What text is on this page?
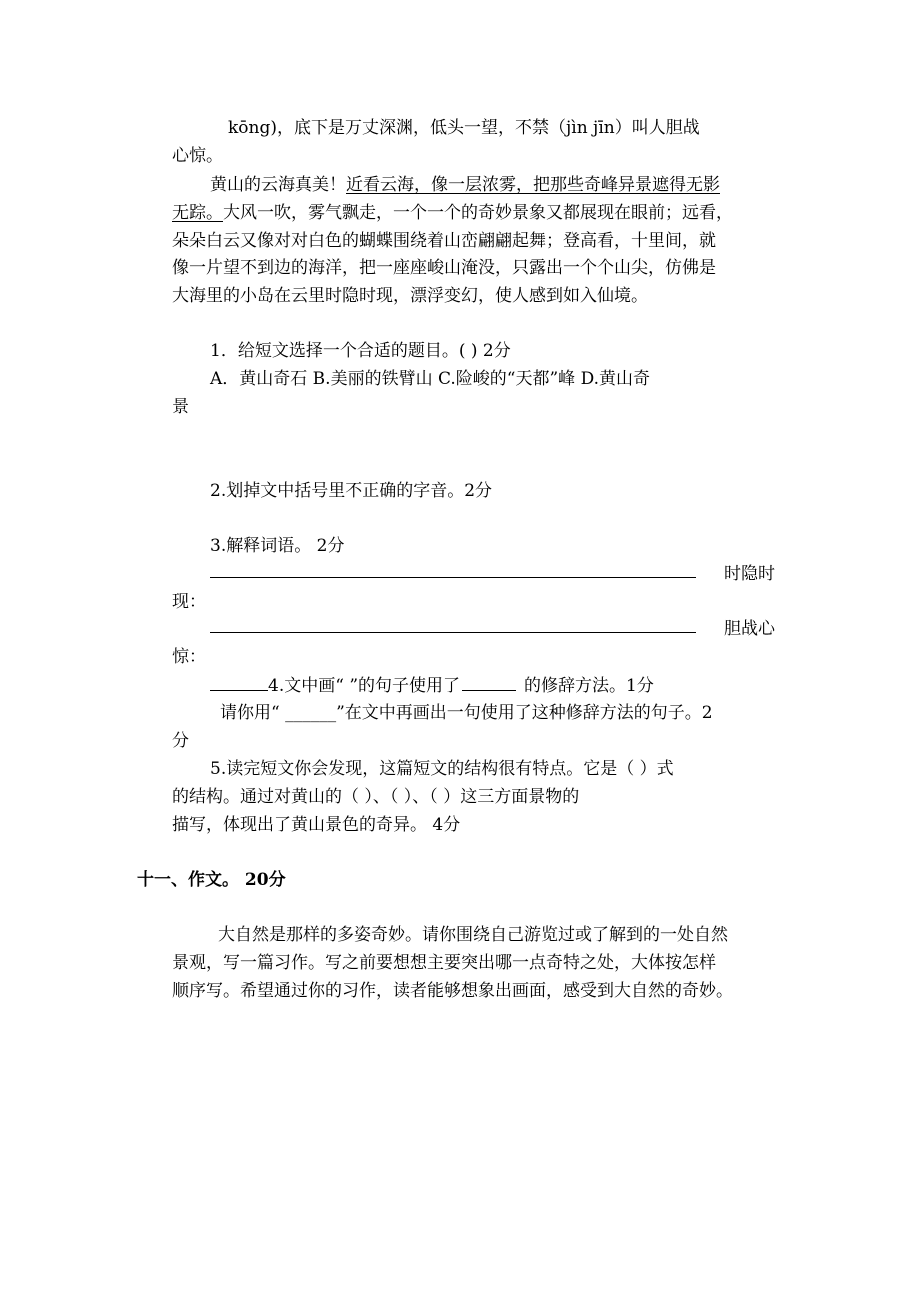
kōng)，底下是万丈深渊，低头一望，不禁（jìn jīn）叫人胆战
心惊。
黄山的云海真美！近看云海，像一层浓雾，把那些奇峰异景遮得无影
无踪。大风一吹，雾气飘走，一个一个的奇妙景象又都展现在眼前；远看，
朵朵白云又像对对白色的蝴蝶围绕着山峦翩翩起舞；登高看，十里间，就
像一片望不到边的海洋，把一座座峻山淹没，只露出一个个山尖，仿佛是
大海里的小岛在云里时隐时现，漂浮变幻，使人感到如入仙境。
1．给短文选择一个合适的题目。( ) 2分
A．黄山奇石 B.美丽的铁臂山 C.险峻的“天都”峰 D.黄山奇
景
2.划掉文中括号里不正确的字音。2分
3.解释词语。 2分
时隐时
现：
胆战心
惊：
4.文中画“ ”的句子使用了	的修辞方法。1分
请你用“ ______”在文中再画出一句使用了这种修辞方法的句子。2
分
5.读完短文你会发现，这篇短文的结构很有特点。它是（ ）式
的结构。通过对黄山的（ ）、（ ）、（ ）这三方面景物的
描写，体现出了黄山景色的奇异。 4分
十一、作文。 20分
大自然是那样的多姿奇妙。请你围绕自己游览过或了解到的一处自然
景观，写一篇习作。写之前要想想主要突出哪一点奇特之处，大体按怎样
顺序写。希望通过你的习作，读者能够想象出画面，感受到大自然的奇妙。
